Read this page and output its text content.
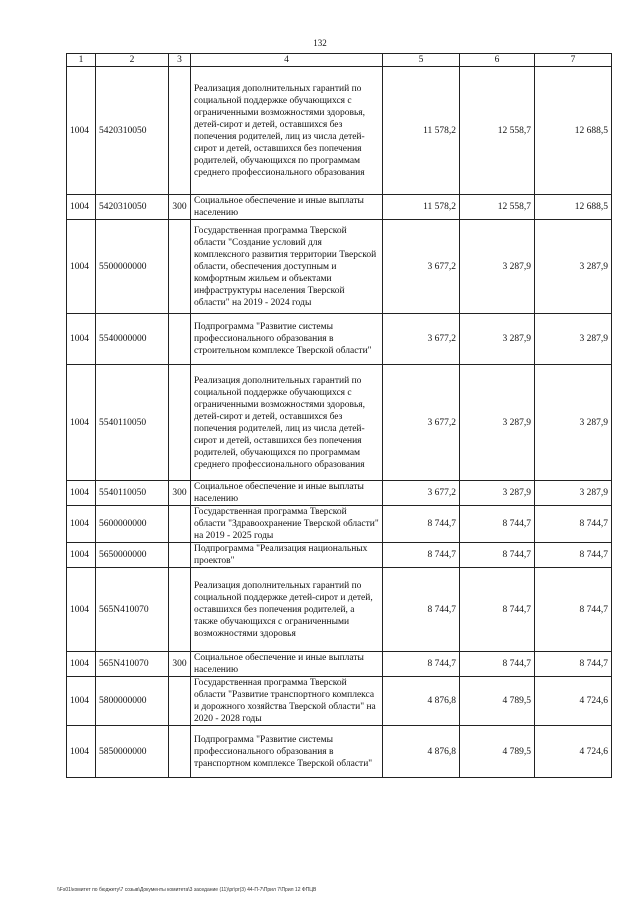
132
1	2	3	4	5	6	7
1004	5420310050		Реализация дополнительных гарантий по социальной поддержке обучающихся с ограниченными возможностями здоровья, детей-сирот и детей, оставшихся без попечения родителей, лиц из числа детей-сирот и детей, оставшихся без попечения родителей, обучающихся по программам среднего профессионального образования	11 578,2	12 558,7	12 688,5
1004	5420310050	300	Социальное обеспечение и иные выплаты населению	11 578,2	12 558,7	12 688,5
1004	5500000000		Государственная программа Тверской области "Создание условий для комплексного развития территории Тверской области, обеспечения доступным и комфортным жильем и объектами инфраструктуры населения Тверской области" на 2019 - 2024 годы	3 677,2	3 287,9	3 287,9
1004	5540000000		Подпрограмма "Развитие системы профессионального образования в строительном комплексе Тверской области"	3 677,2	3 287,9	3 287,9
1004	5540110050		Реализация дополнительных гарантий по социальной поддержке обучающихся с ограниченными возможностями здоровья, детей-сирот и детей, оставшихся без попечения родителей, лиц из числа детей-сирот и детей, оставшихся без попечения родителей, обучающихся по программам среднего профессионального образования	3 677,2	3 287,9	3 287,9
1004	5540110050	300	Социальное обеспечение и иные выплаты населению	3 677,2	3 287,9	3 287,9
1004	5600000000		Государственная программа Тверской области "Здравоохранение Тверской области" на 2019 - 2025 годы	8 744,7	8 744,7	8 744,7
1004	5650000000		Подпрограмма "Реализация национальных проектов"	8 744,7	8 744,7	8 744,7
1004	565N410070		Реализация дополнительных гарантий по социальной поддержке детей-сирот и детей, оставшихся без попечения родителей, а также обучающихся с ограниченными возможностями здоровья	8 744,7	8 744,7	8 744,7
1004	565N410070	300	Социальное обеспечение и иные выплаты населению	8 744,7	8 744,7	8 744,7
1004	5800000000		Государственная программа Тверской области "Развитие транспортного комплекса и дорожного хозяйства Тверской области" на 2020 - 2028 годы	4 876,8	4 789,5	4 724,6
1004	5850000000		Подпрограмма "Развитие системы профессионального образования в транспортном комплексе Тверской области"	4 876,8	4 789,5	4 724,6
\\Fs01\комитет по бюджету\7 созыв\Документы комитета\3 заседание (11)\pr\pr(3) 44-П-7\Прил 7\Прил 12 ФПЦВ
